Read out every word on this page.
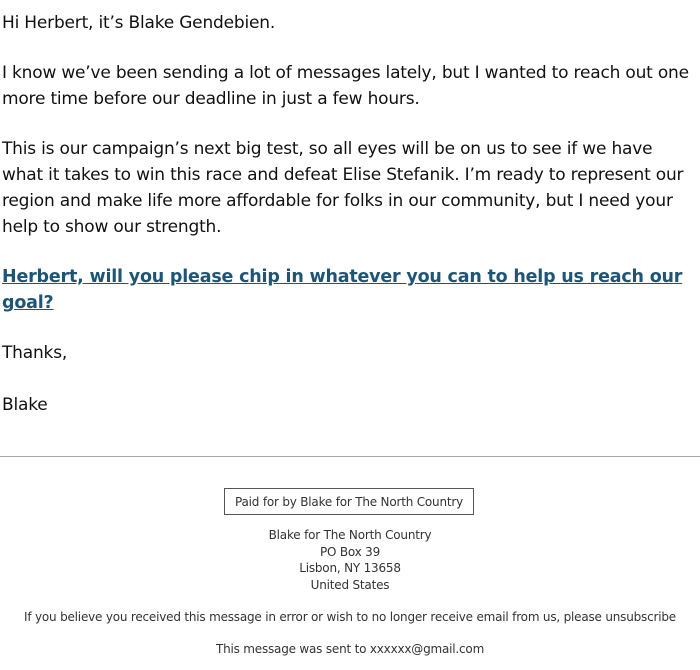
Hi Herbert, it’s Blake Gendebien.

I know we’ve been sending a lot of messages lately, but I wanted to reach out one more time before our deadline in just a few hours.

This is our campaign’s next big test, so all eyes will be on us to see if we have what it takes to win this race and defeat Elise Stefanik. I’m ready to represent our region and make life more affordable for folks in our community, but I need your help to show our strength.

Herbert, will you please chip in whatever you can to help us reach our goal?

Thanks,

Blake

Paid for by Blake for The North Country
Blake for The North Country
PO Box 39
Lisbon, NY 13658
United States
If you believe you received this message in error or wish to no longer receive email from us, please unsubscribe
This message was sent to xxxxxx@gmail.com
